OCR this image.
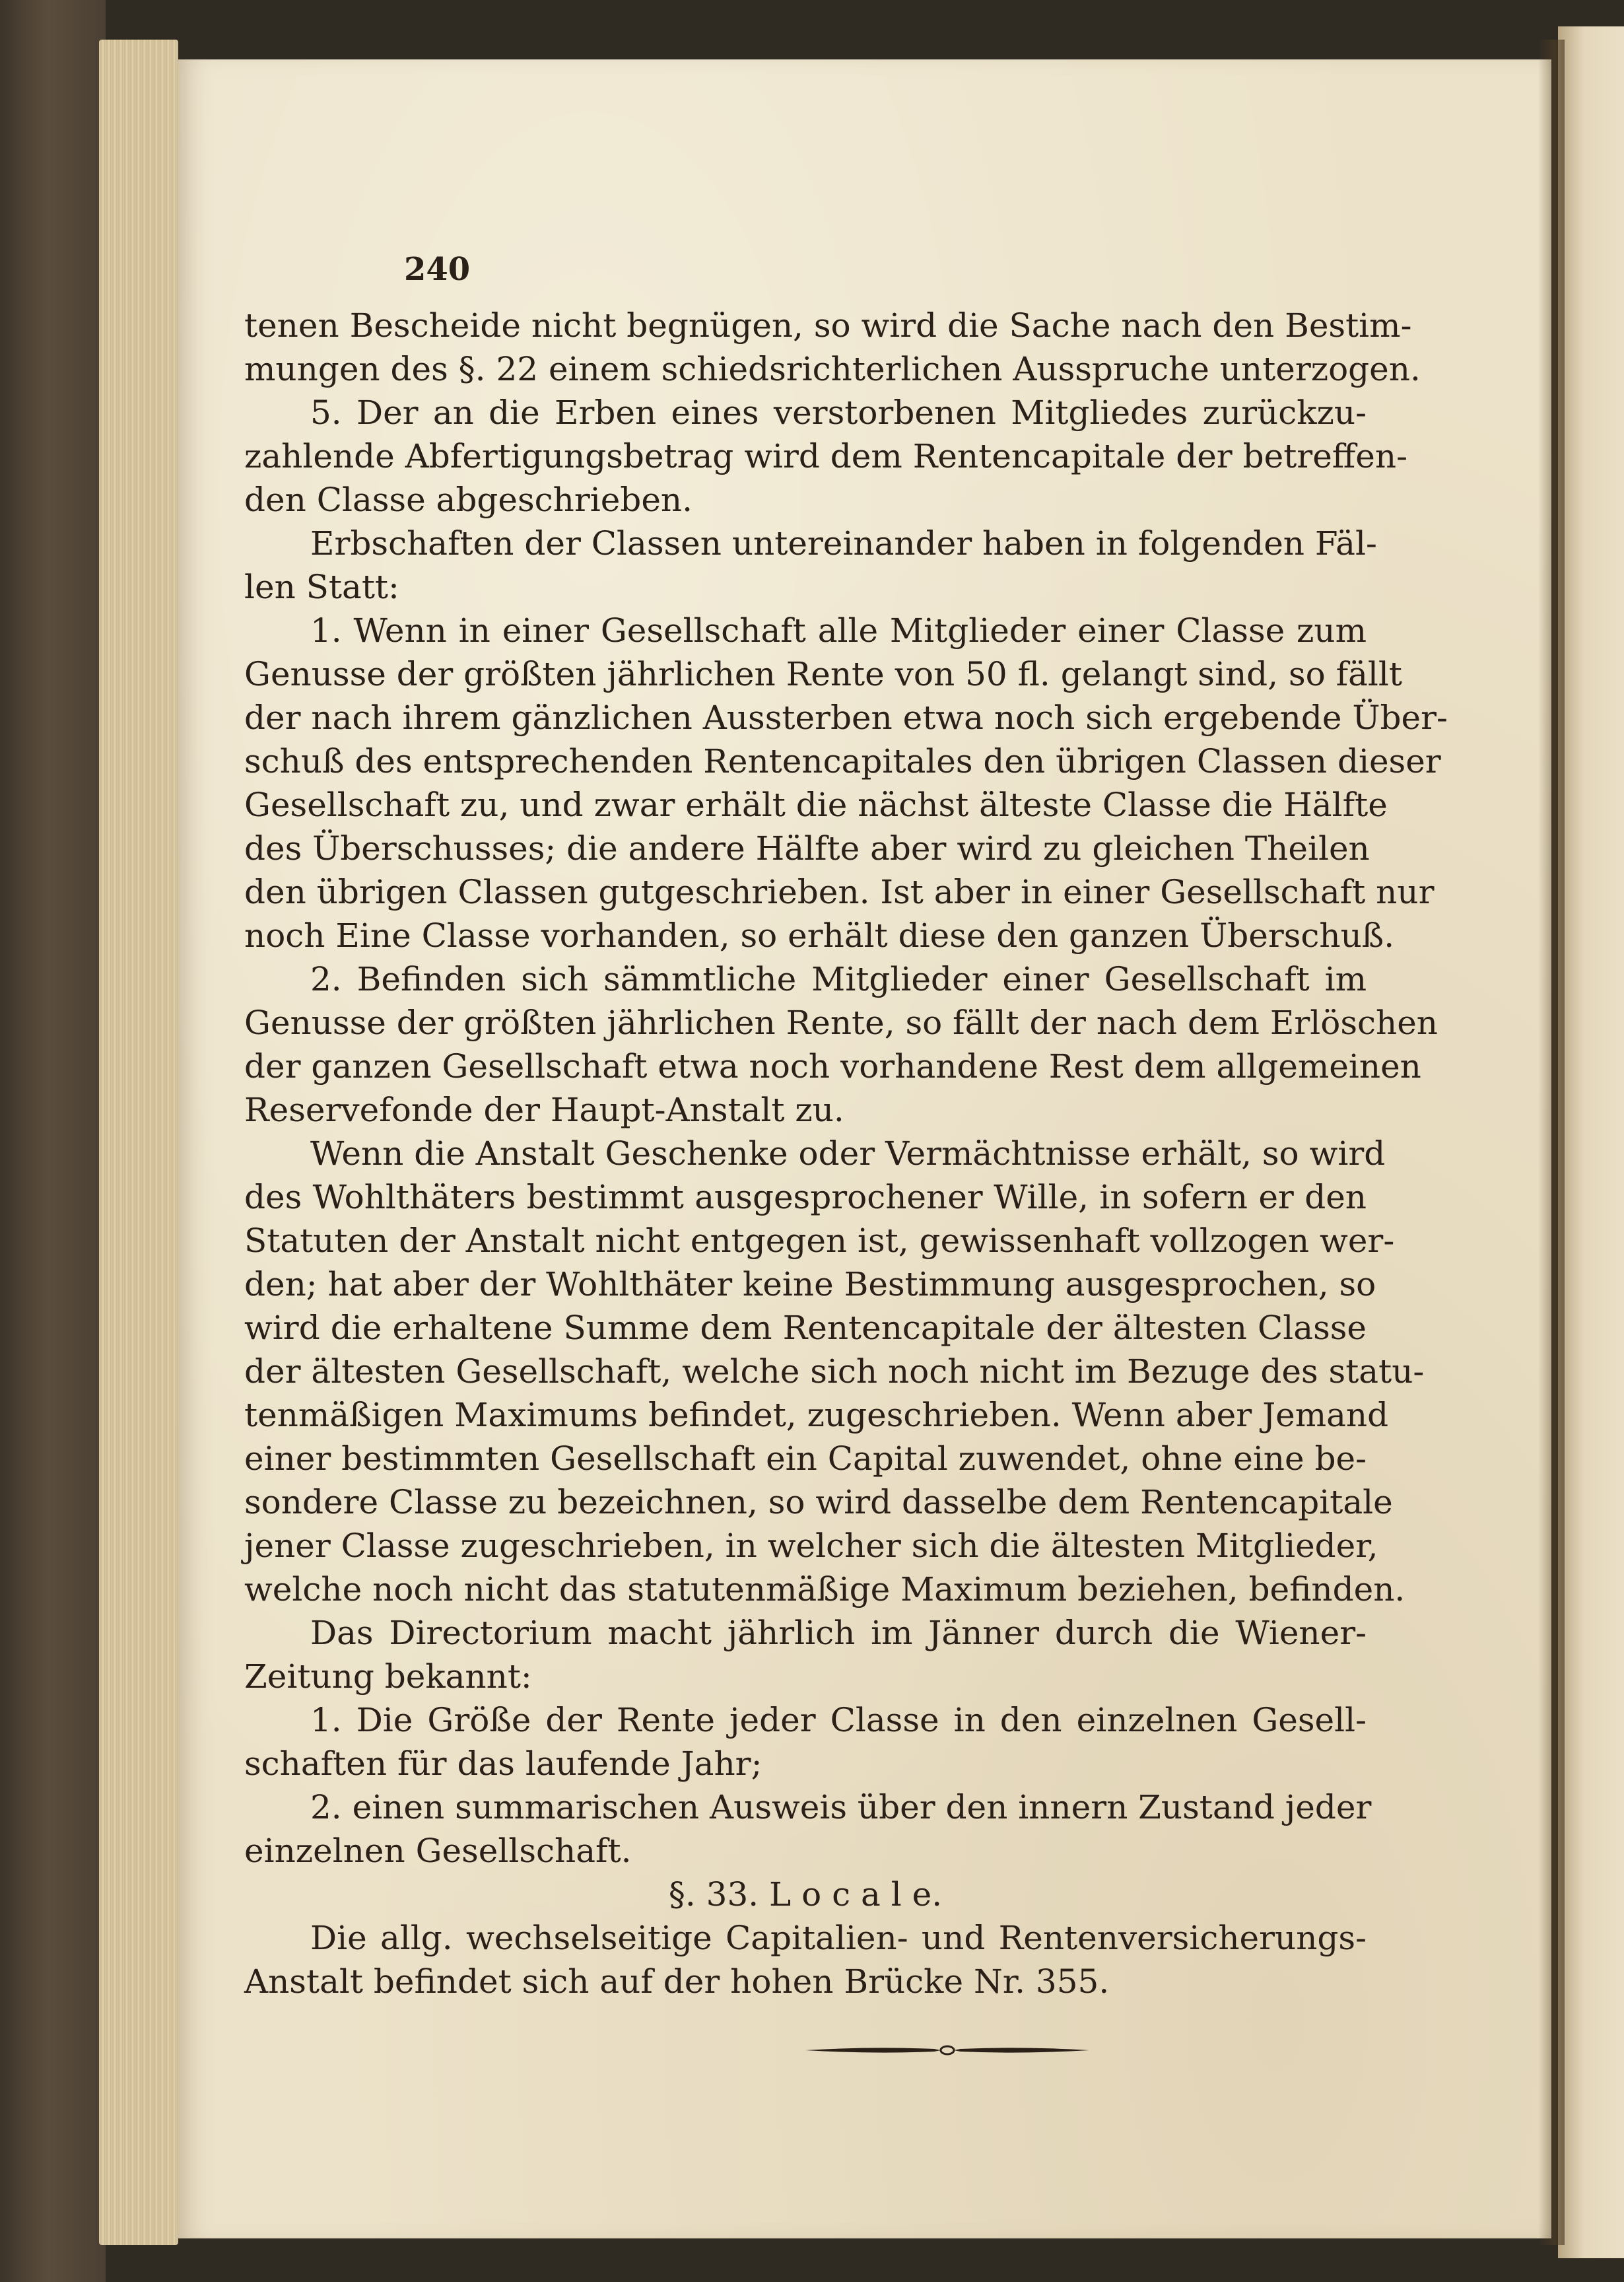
240
tenen Bescheide nicht begnügen, so wird die Sache nach den Bestim-
mungen des §. 22 einem schiedsrichterlichen Ausspruche unterzogen.
5. Der an die Erben eines verstorbenen Mitgliedes zurückzu-
zahlende Abfertigungsbetrag wird dem Rentencapitale der betreffen-
den Classe abgeschrieben.
Erbschaften der Classen untereinander haben in folgenden Fäl-
len Statt:
1. Wenn in einer Gesellschaft alle Mitglieder einer Classe zum
Genusse der größten jährlichen Rente von 50 fl. gelangt sind, so fällt
der nach ihrem gänzlichen Aussterben etwa noch sich ergebende Über-
schuß des entsprechenden Rentencapitales den übrigen Classen dieser
Gesellschaft zu, und zwar erhält die nächst älteste Classe die Hälfte
des Überschusses; die andere Hälfte aber wird zu gleichen Theilen
den übrigen Classen gutgeschrieben. Ist aber in einer Gesellschaft nur
noch Eine Classe vorhanden, so erhält diese den ganzen Überschuß.
2. Befinden sich sämmtliche Mitglieder einer Gesellschaft im
Genusse der größten jährlichen Rente, so fällt der nach dem Erlöschen
der ganzen Gesellschaft etwa noch vorhandene Rest dem allgemeinen
Reservefonde der Haupt-Anstalt zu.
Wenn die Anstalt Geschenke oder Vermächtnisse erhält, so wird
des Wohlthäters bestimmt ausgesprochener Wille, in sofern er den
Statuten der Anstalt nicht entgegen ist, gewissenhaft vollzogen wer-
den; hat aber der Wohlthäter keine Bestimmung ausgesprochen, so
wird die erhaltene Summe dem Rentencapitale der ältesten Classe
der ältesten Gesellschaft, welche sich noch nicht im Bezuge des statu-
tenmäßigen Maximums befindet, zugeschrieben. Wenn aber Jemand
einer bestimmten Gesellschaft ein Capital zuwendet, ohne eine be-
sondere Classe zu bezeichnen, so wird dasselbe dem Rentencapitale
jener Classe zugeschrieben, in welcher sich die ältesten Mitglieder,
welche noch nicht das statutenmäßige Maximum beziehen, befinden.
Das Directorium macht jährlich im Jänner durch die Wiener-
Zeitung bekannt:
1. Die Größe der Rente jeder Classe in den einzelnen Gesell-
schaften für das laufende Jahr;
2. einen summarischen Ausweis über den innern Zustand jeder
einzelnen Gesellschaft.
§. 33. L o c a l e.
Die allg. wechselseitige Capitalien- und Rentenversicherungs-
Anstalt befindet sich auf der hohen Brücke Nr. 355.
